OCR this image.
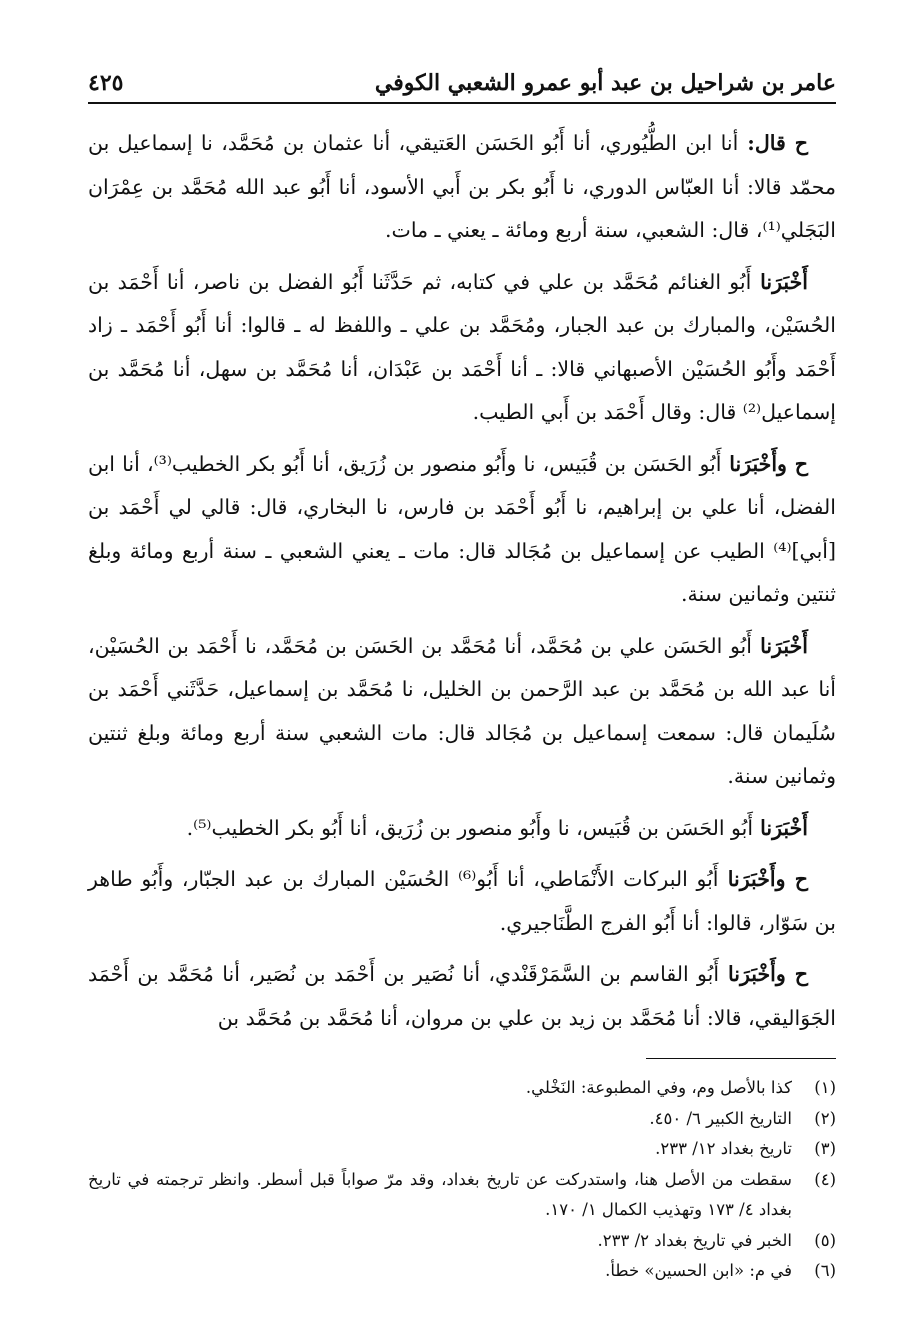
عامر بن شراحيل بن عبد أبو عمرو الشعبي الكوفي
٤٢٥

ح قال: أنا ابن الطُّيُوري، أنا أَبُو الحَسَن العَتيقي، أنا عثمان بن مُحَمَّد، نا إسماعيل بن محمّد قالا: أنا العبّاس الدوري، نا أَبُو بكر بن أَبي الأسود، أنا أَبُو عبد الله مُحَمَّد بن عِمْرَان البَجَلي⁽¹⁾، قال: الشعبي، سنة أربع ومائة ـ يعني ـ مات.

أَخْبَرَنا أَبُو الغنائم مُحَمَّد بن علي في كتابه، ثم حَدَّثَنا أَبُو الفضل بن ناصر، أنا أَحْمَد بن الحُسَيْن، والمبارك بن عبد الجبار، ومُحَمَّد بن علي ـ واللفظ له ـ قالوا: أنا أَبُو أَحْمَد ـ زاد أَحْمَد وأَبُو الحُسَيْن الأصبهاني قالا: ـ أنا أَحْمَد بن عَبْدَان، أنا مُحَمَّد بن سهل، أنا مُحَمَّد بن إسماعيل⁽²⁾ قال: وقال أَحْمَد بن أَبي الطيب.

ح وأَخْبَرَنا أَبُو الحَسَن بن قُبَيس، نا وأَبُو منصور بن زُرَيق، أنا أَبُو بكر الخطيب⁽³⁾، أنا ابن الفضل، أنا علي بن إبراهيم، نا أَبُو أَحْمَد بن فارس، نا البخاري، قال: قالي لي أَحْمَد بن [أبي]⁽⁴⁾ الطيب عن إسماعيل بن مُجَالد قال: مات ـ يعني الشعبي ـ سنة أربع ومائة وبلغ ثنتين وثمانين سنة.

أَخْبَرَنا أَبُو الحَسَن علي بن مُحَمَّد، أنا مُحَمَّد بن الحَسَن بن مُحَمَّد، نا أَحْمَد بن الحُسَيْن، أنا عبد الله بن مُحَمَّد بن عبد الرَّحمن بن الخليل، نا مُحَمَّد بن إسماعيل، حَدَّثَني أَحْمَد بن سُلَيمان قال: سمعت إسماعيل بن مُجَالد قال: مات الشعبي سنة أربع ومائة وبلغ ثنتين وثمانين سنة.

أَخْبَرَنا أَبُو الحَسَن بن قُبَيس، نا وأَبُو منصور بن زُرَيق، أنا أَبُو بكر الخطيب⁽⁵⁾.

ح وأَخْبَرَنا أَبُو البركات الأَنْمَاطي، أنا أَبُو⁽⁶⁾ الحُسَيْن المبارك بن عبد الجبّار، وأَبُو طاهر بن سَوّار، قالوا: أنا أَبُو الفرج الطَّنَاجيري.

ح وأَخْبَرَنا أَبُو القاسم بن السَّمَرْقَنْدي، أنا نُصَير بن أَحْمَد بن نُصَير، أنا مُحَمَّد بن أَحْمَد الجَوَاليقي، قالا: أنا مُحَمَّد بن زيد بن علي بن مروان، أنا مُحَمَّد بن مُحَمَّد بن

(١)
كذا بالأصل وم، وفي المطبوعة: النَخْلي.
(٢)
التاريخ الكبير ٦/ ٤٥٠.
(٣)
تاريخ بغداد ١٢/ ٢٣٣.
(٤)
سقطت من الأصل هنا، واستدركت عن تاريخ بغداد، وقد مرّ صواباً قبل أسطر. وانظر ترجمته في تاريخ بغداد ٤/ ١٧٣ وتهذيب الكمال ١/ ١٧٠.
(٥)
الخبر في تاريخ بغداد ٢/ ٢٣٣.
(٦)
في م: «ابن الحسين» خطأ.
